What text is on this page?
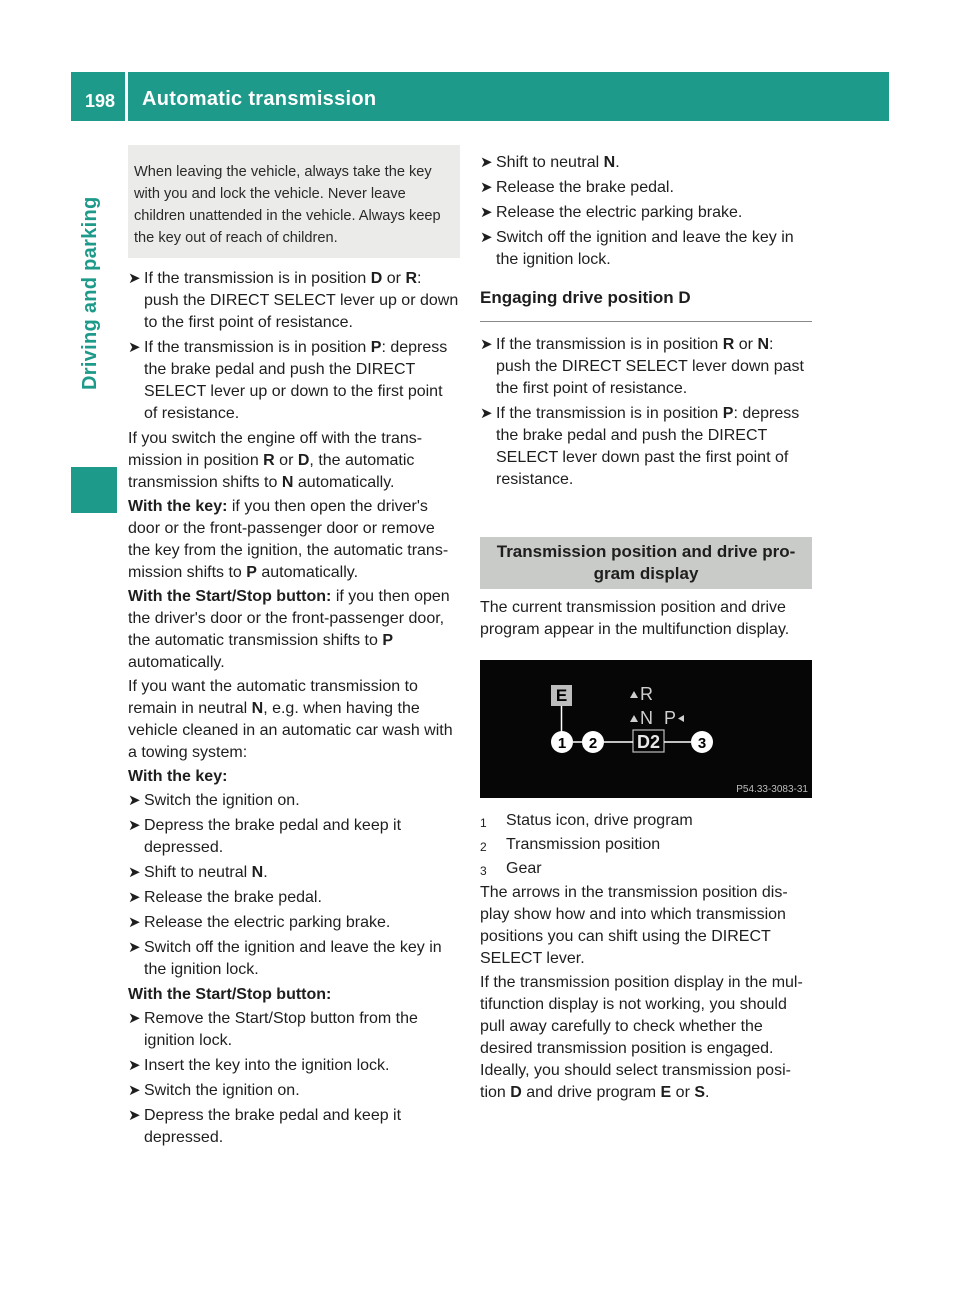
198 Automatic transmission
Driving and parking
When leaving the vehicle, always take the key with you and lock the vehicle. Never leave children unattended in the vehicle. Always keep the key out of reach of children.
➤ If the transmission is in position D or R: push the DIRECT SELECT lever up or down to the first point of resistance.
➤ If the transmission is in position P: depress the brake pedal and push the DIRECT SELECT lever up or down to the first point of resistance.

If you switch the engine off with the trans-mission in position R or D, the automatic transmission shifts to N automatically.

With the key: if you then open the driver's door or the front-passenger door or remove the key from the ignition, the automatic trans-mission shifts to P automatically.

With the Start/Stop button: if you then open the driver's door or the front-passenger door, the automatic transmission shifts to P automatically.

If you want the automatic transmission to remain in neutral N, e.g. when having the vehicle cleaned in an automatic car wash with a towing system:

With the key:

➤ Switch the ignition on.
➤ Depress the brake pedal and keep it depressed.
➤ Shift to neutral N.
➤ Release the brake pedal.
➤ Release the electric parking brake.
➤ Switch off the ignition and leave the key in the ignition lock.

With the Start/Stop button:

➤ Remove the Start/Stop button from the ignition lock.
➤ Insert the key into the ignition lock.
➤ Switch the ignition on.
➤ Depress the brake pedal and keep it depressed.
➤ Shift to neutral N.
➤ Release the brake pedal.
➤ Release the electric parking brake.
➤ Switch off the ignition and leave the key in the ignition lock.
Engaging drive position D
➤ If the transmission is in position R or N: push the DIRECT SELECT lever down past the first point of resistance.
➤ If the transmission is in position P: depress the brake pedal and push the DIRECT SELECT lever down past the first point of resistance.
Transmission position and drive pro-gram display

The current transmission position and drive program appear in the multifunction display.

E	R
N P
D2
1 2	3
P54.33-3083-31
1 Status icon, drive program
2 Transmission position
3 Gear

The arrows in the transmission position dis-play show how and into which transmission positions you can shift using the DIRECT SELECT lever.

If the transmission position display in the mul-tifunction display is not working, you should pull away carefully to check whether the desired transmission position is engaged. Ideally, you should select transmission posi-tion D and drive program E or S.
